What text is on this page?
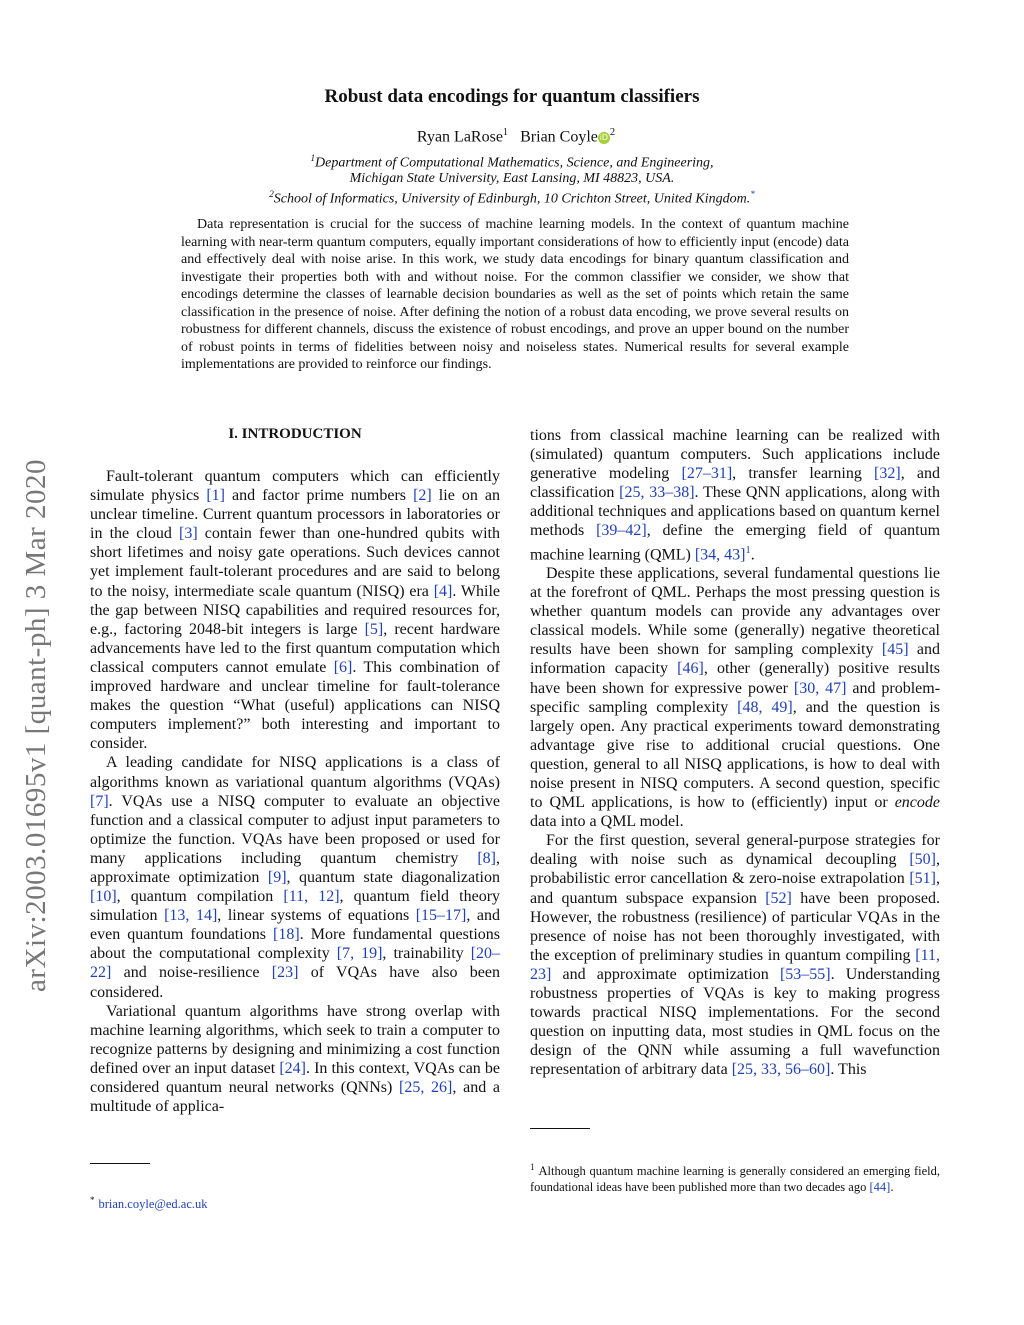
arXiv:2003.01695v1 [quant-ph] 3 Mar 2020
Robust data encodings for quantum classifiers
Ryan LaRose$^1$ Brian Coyle iD $^2$
$^1$Department of Computational Mathematics, Science, and Engineering,
Michigan State University, East Lansing, MI 48823, USA.
$^2$School of Informatics, University of Edinburgh, 10 Crichton Street, United Kingdom.*

Data representation is crucial for the success of machine learning models. In the context of quantum machine learning with near-term quantum computers, equally important considerations of how to efficiently input (encode) data and effectively deal with noise arise. In this work, we study data encodings for binary quantum classification and investigate their properties both with and without noise. For the common classifier we consider, we show that encodings determine the classes of learnable decision boundaries as well as the set of points which retain the same classification in the presence of noise. After defining the notion of a robust data encoding, we prove several results on robustness for different channels, discuss the existence of robust encodings, and prove an upper bound on the number of robust points in terms of fidelities between noisy and noiseless states. Numerical results for several example implementations are provided to reinforce our findings.

I. INTRODUCTION

Fault-tolerant quantum computers which can efficiently simulate physics [1] and factor prime numbers [2] lie on an unclear timeline. Current quantum processors in laboratories or in the cloud [3] contain fewer than one-hundred qubits with short lifetimes and noisy gate operations. Such devices cannot yet implement fault-tolerant procedures and are said to belong to the noisy, intermediate scale quantum (NISQ) era [4]. While the gap between NISQ capabilities and required resources for, e.g., factoring 2048-bit integers is large [5], recent hardware advancements have led to the first quantum computation which classical computers cannot emulate [6]. This combination of improved hardware and unclear timeline for fault-tolerance makes the question “What (useful) applications can NISQ computers implement?” both interesting and important to consider.

A leading candidate for NISQ applications is a class of algorithms known as variational quantum algorithms (VQAs) [7]. VQAs use a NISQ computer to evaluate an objective function and a classical computer to adjust input parameters to optimize the function. VQAs have been proposed or used for many applications including quantum chemistry [8], approximate optimization [9], quantum state diagonalization [10], quantum compilation [11, 12], quantum field theory simulation [13, 14], linear systems of equations [15–17], and even quantum foundations [18]. More fundamental questions about the computational complexity [7, 19], trainability [20–22] and noise-resilience [23] of VQAs have also been considered.

Variational quantum algorithms have strong overlap with machine learning algorithms, which seek to train a computer to recognize patterns by designing and minimizing a cost function defined over an input dataset [24]. In this context, VQAs can be considered quantum neural networks (QNNs) [25, 26], and a multitude of applica-

* brian.coyle@ed.ac.uk

tions from classical machine learning can be realized with (simulated) quantum computers. Such applications include generative modeling [27–31], transfer learning [32], and classification [25, 33–38]. These QNN applications, along with additional techniques and applications based on quantum kernel methods [39–42], define the emerging field of quantum machine learning (QML) [34, 43]$^1$.

Despite these applications, several fundamental questions lie at the forefront of QML. Perhaps the most pressing question is whether quantum models can provide any advantages over classical models. While some (generally) negative theoretical results have been shown for sampling complexity [45] and information capacity [46], other (generally) positive results have been shown for expressive power [30, 47] and problem-specific sampling complexity [48, 49], and the question is largely open. Any practical experiments toward demonstrating advantage give rise to additional crucial questions. One question, general to all NISQ applications, is how to deal with noise present in NISQ computers. A second question, specific to QML applications, is how to (efficiently) input or encode data into a QML model.

For the first question, several general-purpose strategies for dealing with noise such as dynamical decoupling [50], probabilistic error cancellation & zero-noise extrapolation [51], and quantum subspace expansion [52] have been proposed. However, the robustness (resilience) of particular VQAs in the presence of noise has not been thoroughly investigated, with the exception of preliminary studies in quantum compiling [11, 23] and approximate optimization [53–55]. Understanding robustness properties of VQAs is key to making progress towards practical NISQ implementations. For the second question on inputting data, most studies in QML focus on the design of the QNN while assuming a full wavefunction representation of arbitrary data [25, 33, 56–60]. This

$^1$ Although quantum machine learning is generally considered an emerging field, foundational ideas have been published more than two decades ago [44].
